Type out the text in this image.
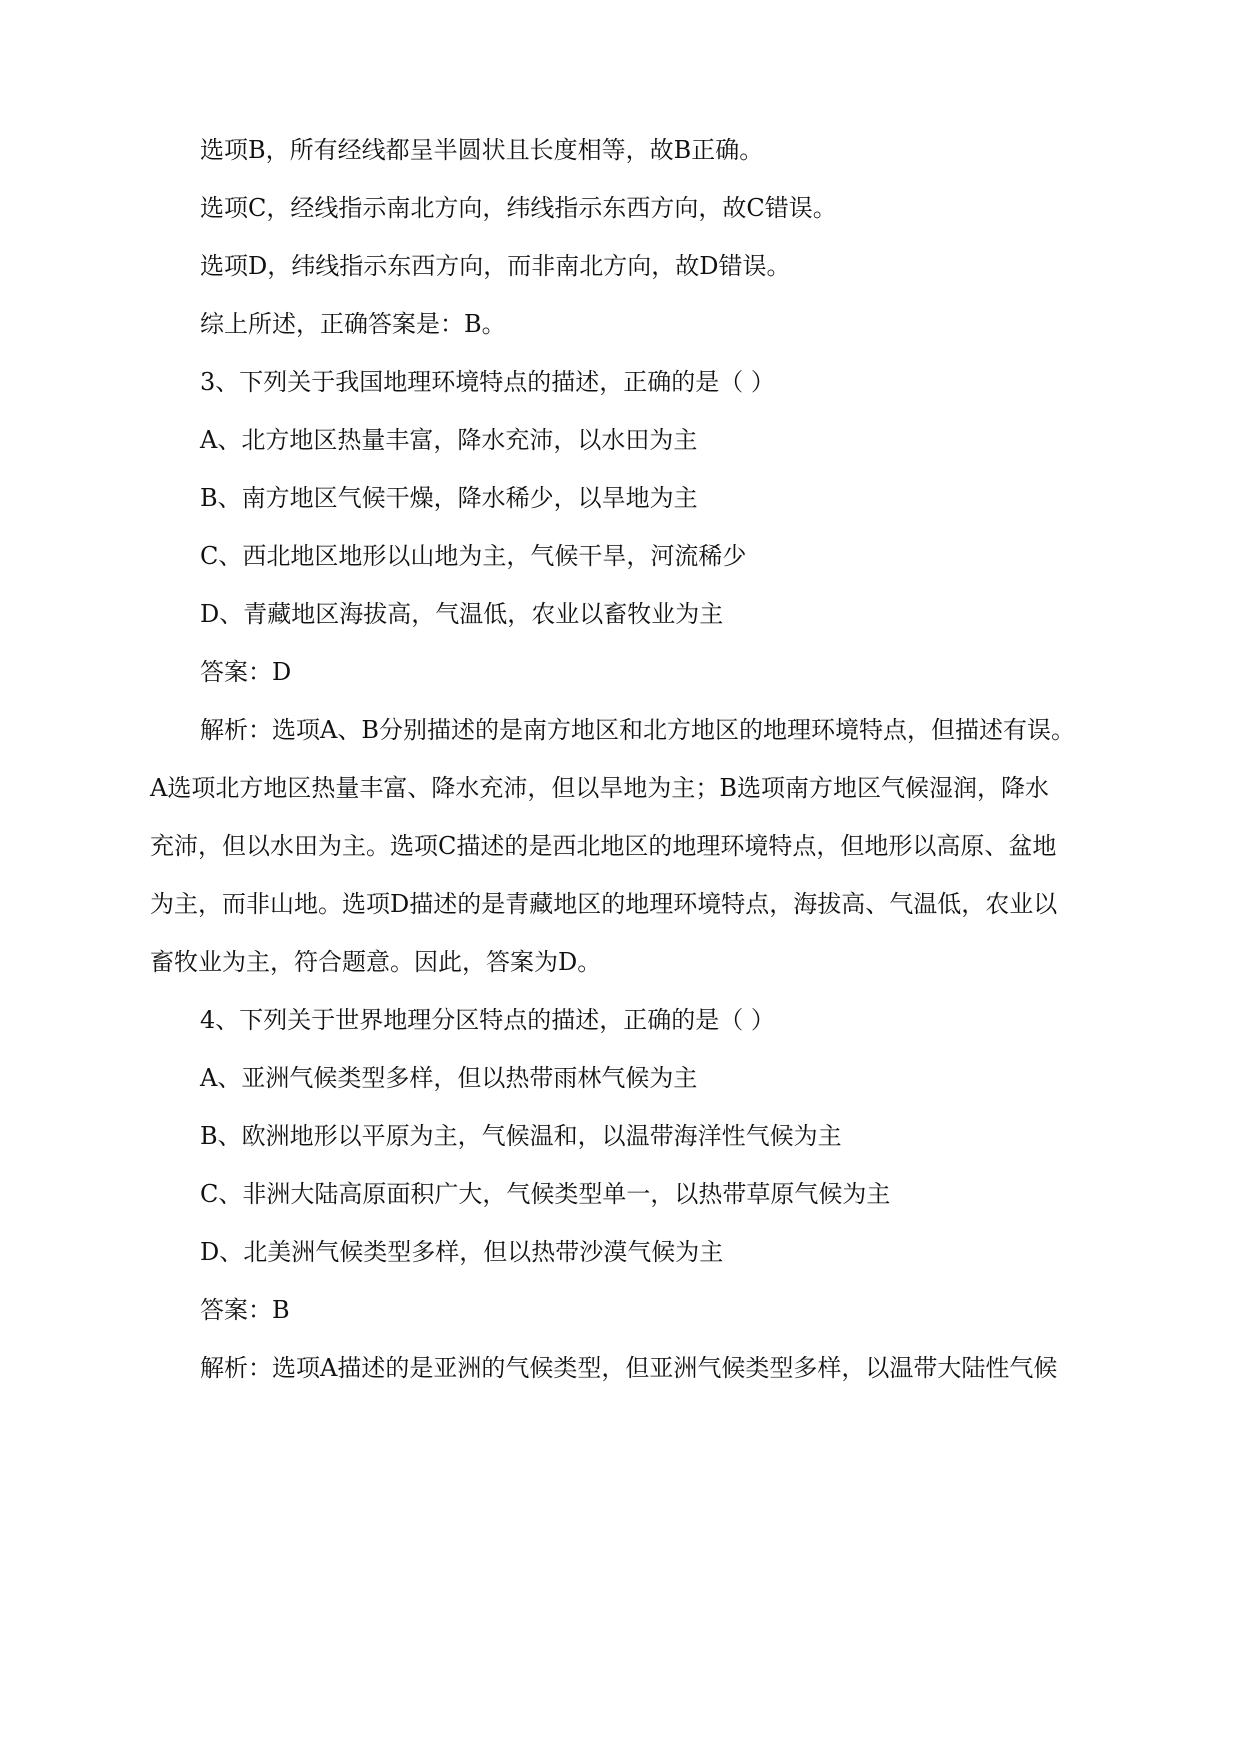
选项B，所有经线都呈半圆状且长度相等，故B正确。
选项C，经线指示南北方向，纬线指示东西方向，故C错误。
选项D，纬线指示东西方向，而非南北方向，故D错误。
综上所述，正确答案是：B。
3、下列关于我国地理环境特点的描述，正确的是（ ）
A、北方地区热量丰富，降水充沛，以水田为主
B、南方地区气候干燥，降水稀少，以旱地为主
C、西北地区地形以山地为主，气候干旱，河流稀少
D、青藏地区海拔高，气温低，农业以畜牧业为主
答案：D
解析：选项A、B分别描述的是南方地区和北方地区的地理环境特点，但描述有误。
A选项北方地区热量丰富、降水充沛，但以旱地为主；B选项南方地区气候湿润，降水
充沛，但以水田为主。选项C描述的是西北地区的地理环境特点，但地形以高原、盆地
为主，而非山地。选项D描述的是青藏地区的地理环境特点，海拔高、气温低，农业以
畜牧业为主，符合题意。因此，答案为D。
4、下列关于世界地理分区特点的描述，正确的是（ ）
A、亚洲气候类型多样，但以热带雨林气候为主
B、欧洲地形以平原为主，气候温和，以温带海洋性气候为主
C、非洲大陆高原面积广大，气候类型单一，以热带草原气候为主
D、北美洲气候类型多样，但以热带沙漠气候为主
答案：B
解析：选项A描述的是亚洲的气候类型，但亚洲气候类型多样，以温带大陆性气候
